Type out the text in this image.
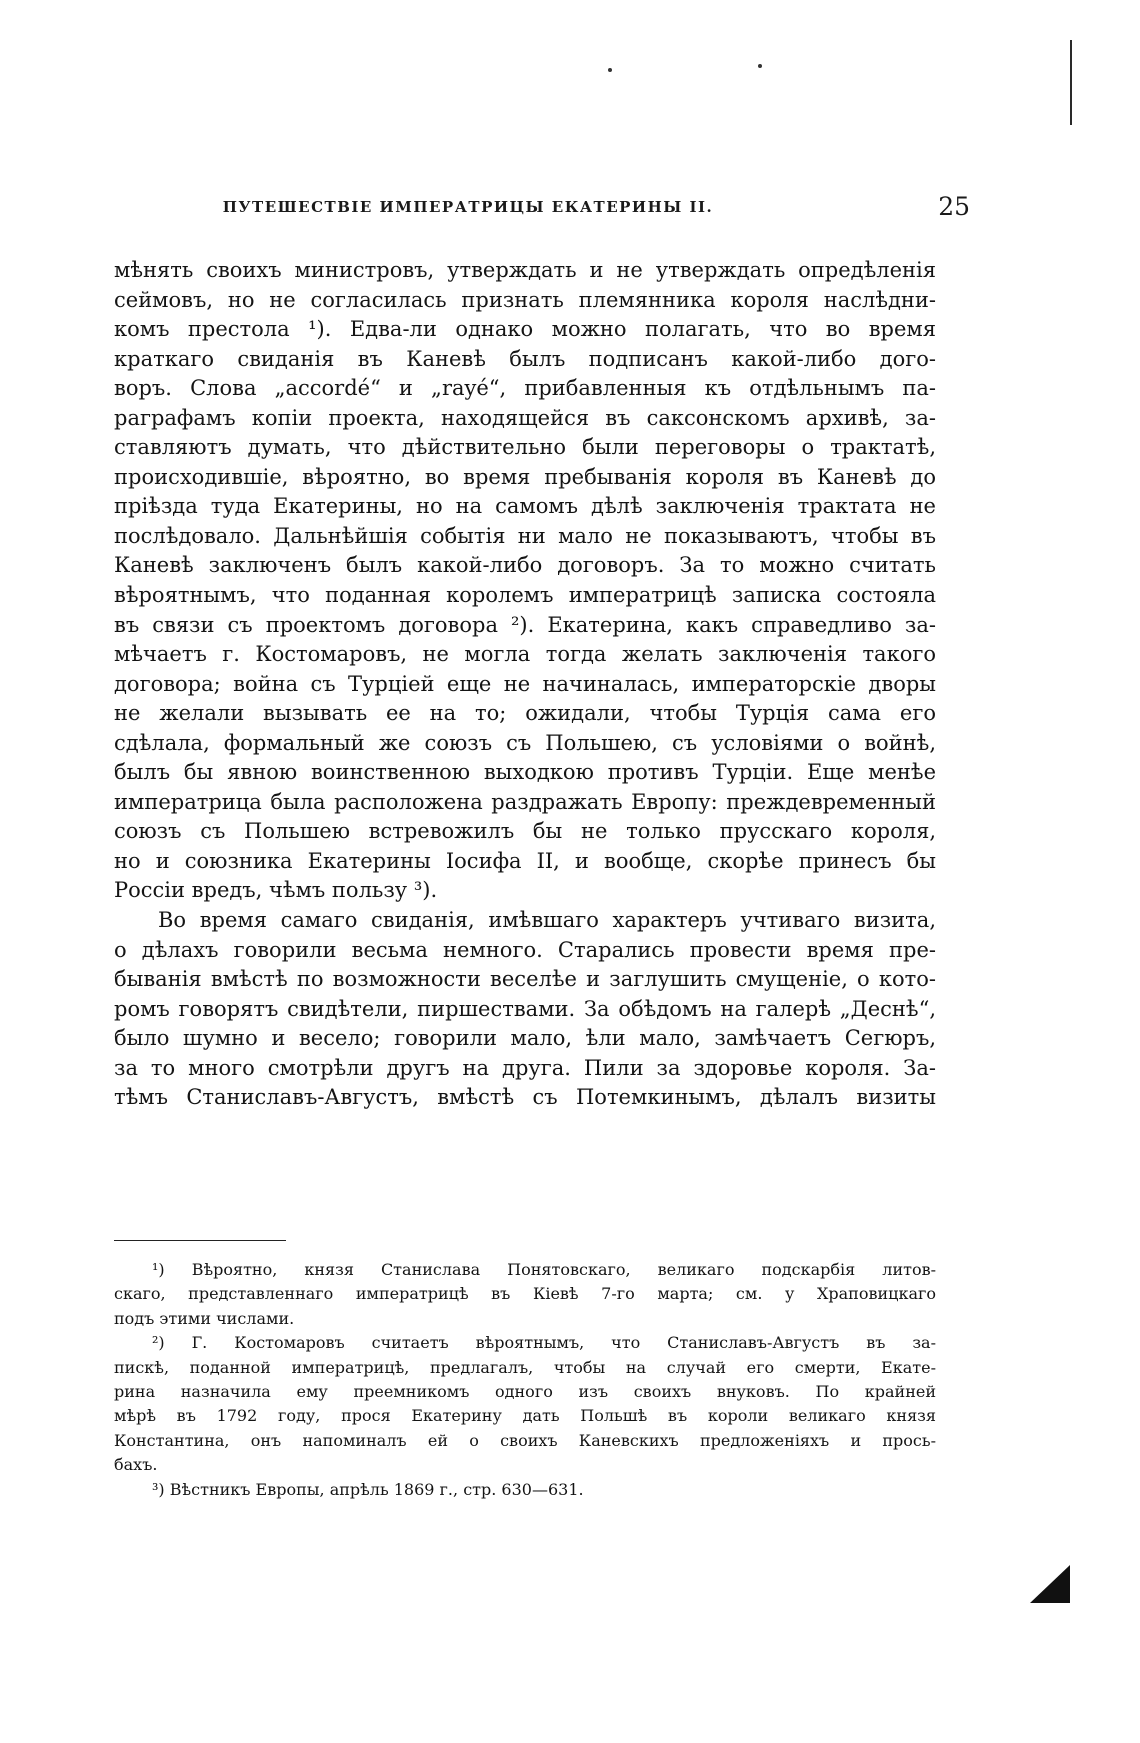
ПУТЕШЕСТВІЕ ИМПЕРАТРИЦЫ ЕКАТЕРИНЫ II.	25
мѣнять своихъ министровъ, утверждать и не утверждать опредѣленія
сеймовъ, но не согласилась признать племянника короля наслѣдни-
комъ престола ¹). Едва-ли однако можно полагать, что во время
краткаго свиданія въ Каневѣ былъ подписанъ какой-либо дого-
воръ. Слова „accordé“ и „rayé“, прибавленныя къ отдѣльнымъ па-
раграфамъ копіи проекта, находящейся въ саксонскомъ архивѣ, за-
ставляютъ думать, что дѣйствительно были переговоры о трактатѣ,
происходившіе, вѣроятно, во время пребыванія короля въ Каневѣ до
пріѣзда туда Екатерины, но на самомъ дѣлѣ заключенія трактата не
послѣдовало. Дальнѣйшія событія ни мало не показываютъ, чтобы въ
Каневѣ заключенъ былъ какой-либо договоръ. За то можно считать
вѣроятнымъ, что поданная королемъ императрицѣ записка состояла
въ связи съ проектомъ договора ²). Екатерина, какъ справедливо за-
мѣчаетъ г. Костомаровъ, не могла тогда желать заключенія такого
договора; война съ Турціей еще не начиналась, императорскіе дворы
не желали вызывать ее на то; ожидали, чтобы Турція сама его
сдѣлала, формальный же союзъ съ Польшею, съ условіями о войнѣ,
былъ бы явною воинственною выходкою противъ Турціи. Еще менѣе
императрица была расположена раздражать Европу: преждевременный
союзъ съ Польшею встревожилъ бы не только прусскаго короля,
но и союзника Екатерины Іосифа II, и вообще, скорѣе принесъ бы
Россіи вредъ, чѣмъ пользу ³).
Во время самаго свиданія, имѣвшаго характеръ учтиваго визита,
о дѣлахъ говорили весьма немного. Старались провести время пре-
быванія вмѣстѣ по возможности веселѣе и заглушить смущеніе, о кото-
ромъ говорятъ свидѣтели, пиршествами. За обѣдомъ на галерѣ „Деснѣ“,
было шумно и весело; говорили мало, ѣли мало, замѣчаетъ Сегюръ,
за то много смотрѣли другъ на друга. Пили за здоровье короля. За-
тѣмъ Станиславъ-Августъ, вмѣстѣ съ Потемкинымъ, дѣлалъ визиты
¹) Вѣроятно, князя Станислава Понятовскаго, великаго подскарбія литов-
скаго, представленнаго императрицѣ въ Кіевѣ 7-го марта; см. у Храповицкаго
подъ этими числами.
²) Г. Костомаровъ считаетъ вѣроятнымъ, что Станиславъ-Августъ въ за-
пискѣ, поданной императрицѣ, предлагалъ, чтобы на случай его смерти, Екате-
рина назначила ему преемникомъ одного изъ своихъ внуковъ. По крайней
мѣрѣ въ 1792 году, прося Екатерину дать Польшѣ въ короли великаго князя
Константина, онъ напоминалъ ей о своихъ Каневскихъ предложеніяхъ и прось-
бахъ.
³) Вѣстникъ Европы, апрѣль 1869 г., стр. 630—631.
